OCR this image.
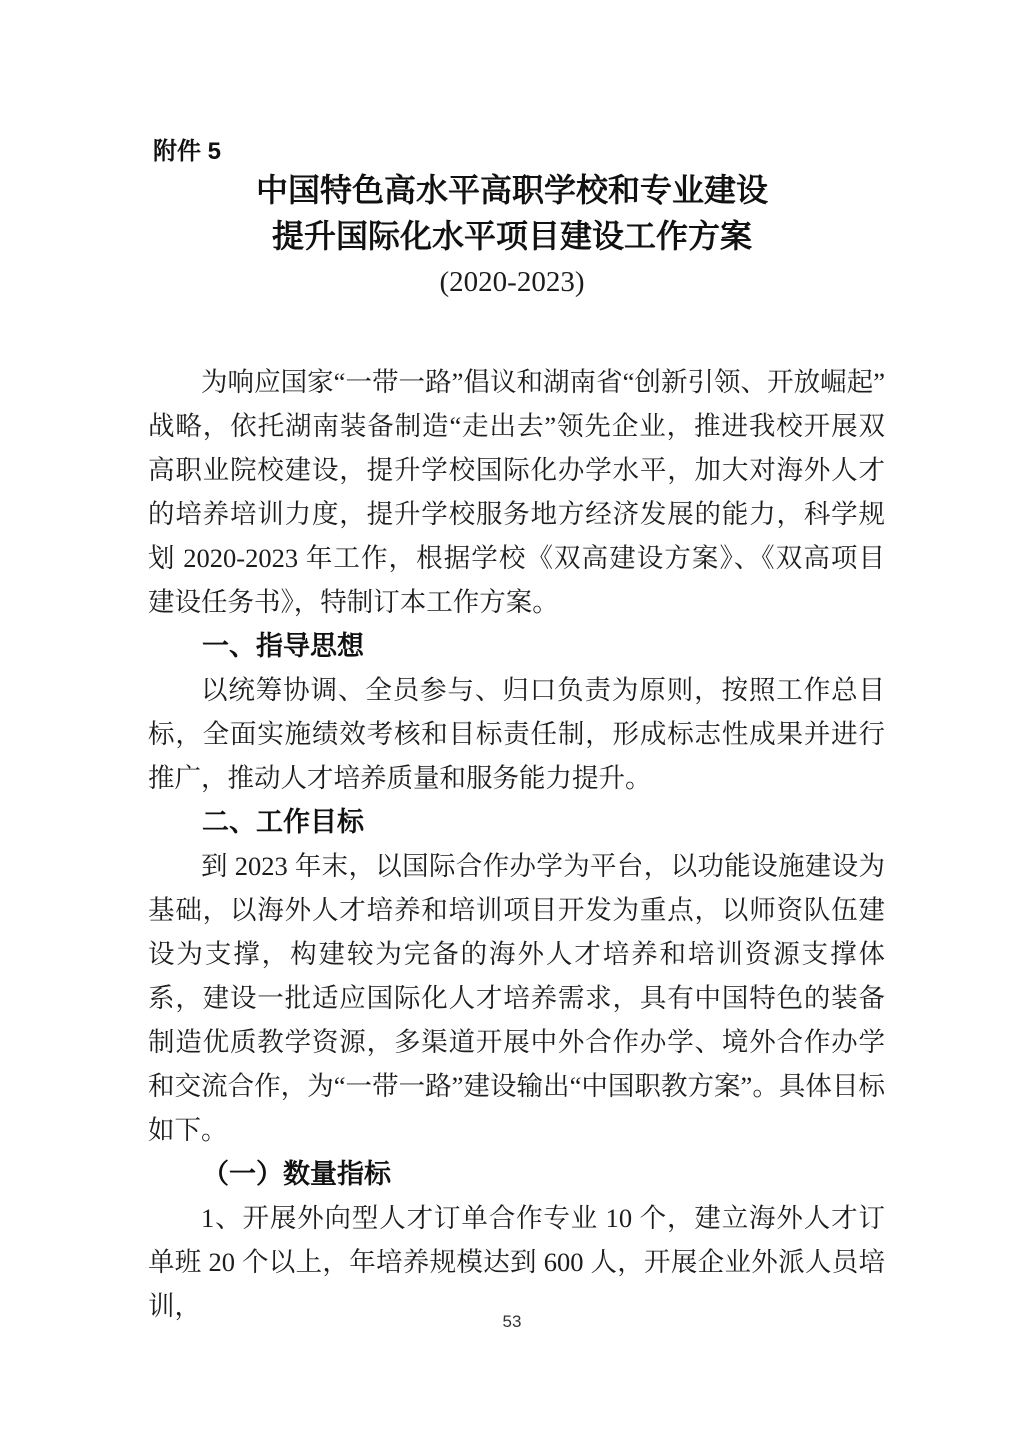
附件 5
中国特色高水平高职学校和专业建设
提升国际化水平项目建设工作方案
(2020-2023)

为响应国家“一带一路”倡议和湖南省“创新引领、开放崛起”战略，依托湖南装备制造“走出去”领先企业，推进我校开展双高职业院校建设，提升学校国际化办学水平，加大对海外人才的培养培训力度，提升学校服务地方经济发展的能力，科学规划 2020-2023 年工作，根据学校《双高建设方案》、《双高项目建设任务书》，特制订本工作方案。

一、指导思想

以统筹协调、全员参与、归口负责为原则，按照工作总目标，全面实施绩效考核和目标责任制，形成标志性成果并进行推广，推动人才培养质量和服务能力提升。

二、工作目标

到 2023 年末，以国际合作办学为平台，以功能设施建设为基础，以海外人才培养和培训项目开发为重点，以师资队伍建设为支撑，构建较为完备的海外人才培养和培训资源支撑体系，建设一批适应国际化人才培养需求，具有中国特色的装备制造优质教学资源，多渠道开展中外合作办学、境外合作办学和交流合作，为“一带一路”建设输出“中国职教方案”。具体目标如下。

（一）数量指标

1、开展外向型人才订单合作专业 10 个，建立海外人才订单班 20 个以上，年培养规模达到 600 人，开展企业外派人员培训，

53
